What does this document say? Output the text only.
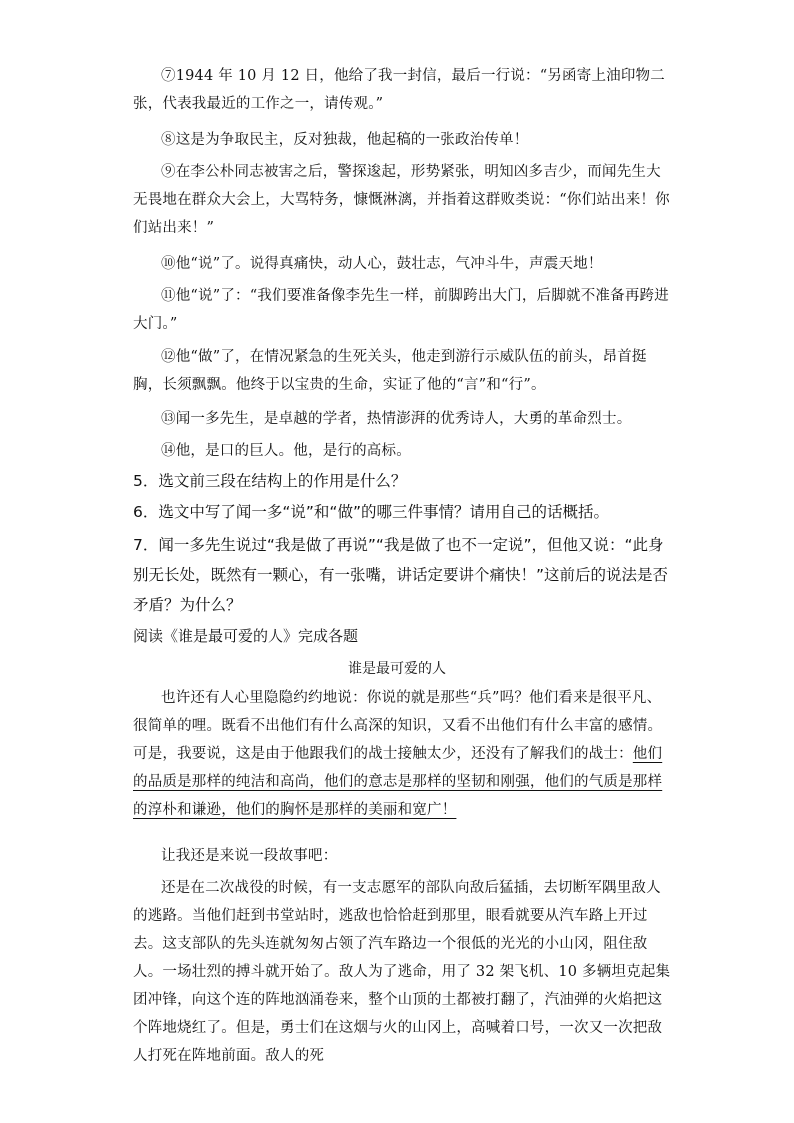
⑦1944 年 10 月 12 日，他给了我一封信，最后一行说：“另函寄上油印物二张，代表我最近的工作之一，请传观。”
⑧这是为争取民主，反对独裁，他起稿的一张政治传单！
⑨在李公朴同志被害之后，警探逡起，形势紧张，明知凶多吉少，而闻先生大无畏地在群众大会上，大骂特务，慷慨淋漓，并指着这群败类说：“你们站出来！你们站出来！”
⑩他“说”了。说得真痛快，动人心，鼓壮志，气冲斗牛，声震天地！
⑪他“说”了：“我们要准备像李先生一样，前脚跨出大门，后脚就不准备再跨进大门。”
⑫他“做”了，在情况紧急的生死关头，他走到游行示威队伍的前头，昂首挺胸，长须飘飘。他终于以宝贵的生命，实证了他的“言”和“行”。
⑬闻一多先生，是卓越的学者，热情澎湃的优秀诗人，大勇的革命烈士。
⑭他，是口的巨人。他，是行的高标。
5．选文前三段在结构上的作用是什么？
6．选文中写了闻一多“说”和“做”的哪三件事情？请用自己的话概括。
7．闻一多先生说过“我是做了再说”“我是做了也不一定说”，但他又说：“此身别无长处，既然有一颗心，有一张嘴，讲话定要讲个痛快！”这前后的说法是否矛盾？为什么？
阅读《谁是最可爱的人》完成各题
谁是最可爱的人
也许还有人心里隐隐约约地说：你说的就是那些“兵”吗？他们看来是很平凡、很简单的哩。既看不出他们有什么高深的知识，又看不出他们有什么丰富的感情。可是，我要说，这是由于他跟我们的战士接触太少，还没有了解我们的战士：他们的品质是那样的纯洁和高尚，他们的意志是那样的坚韧和刚强，他们的气质是那样的淳朴和谦逊，他们的胸怀是那样的美丽和宽广！
让我还是来说一段故事吧：
还是在二次战役的时候，有一支志愿军的部队向敌后猛插，去切断军隅里敌人的逃路。当他们赶到书堂站时，逃敌也恰恰赶到那里，眼看就要从汽车路上开过去。这支部队的先头连就匆匆占领了汽车路边一个很低的光光的小山冈，阻住敌人。一场壮烈的搏斗就开始了。敌人为了逃命，用了 32 架飞机、10 多辆坦克起集团冲锋，向这个连的阵地汹涌卷来，整个山顶的土都被打翻了，汽油弹的火焰把这个阵地烧红了。但是，勇士们在这烟与火的山冈上，高喊着口号，一次又一次把敌人打死在阵地前面。敌人的死
